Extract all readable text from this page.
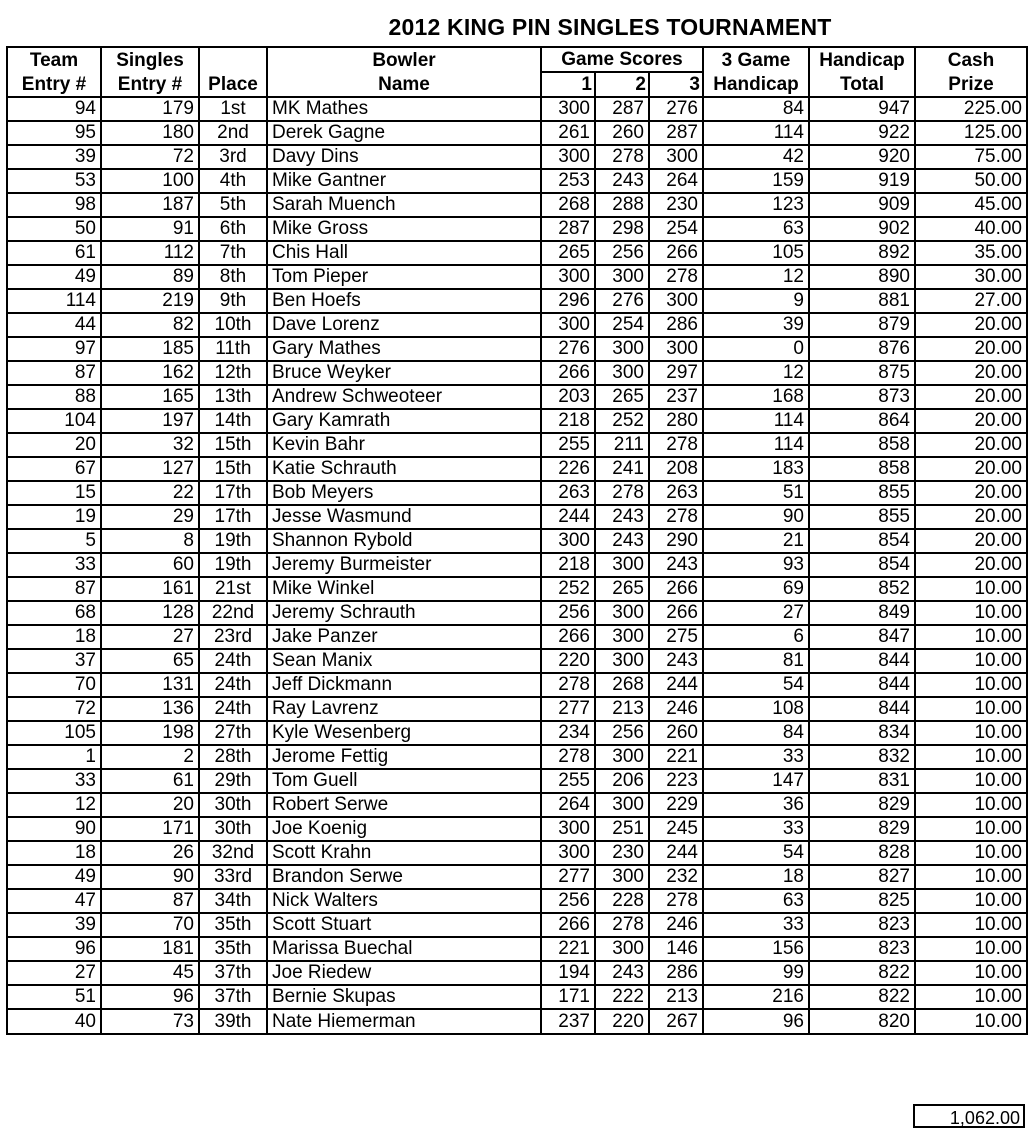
2012 KING PIN SINGLES TOURNAMENT
Team	Singles		Bowler	Game Scores			3 Game	Handicap	Cash
Entry #	Entry #	Place	Name	1	2	3	Handicap	Total	Prize
94	179	1st	MK Mathes	300	287	276	84	947	225.00
95	180	2nd	Derek Gagne	261	260	287	114	922	125.00
39	72	3rd	Davy Dins	300	278	300	42	920	75.00
53	100	4th	Mike Gantner	253	243	264	159	919	50.00
98	187	5th	Sarah Muench	268	288	230	123	909	45.00
50	91	6th	Mike Gross	287	298	254	63	902	40.00
61	112	7th	Chis Hall	265	256	266	105	892	35.00
49	89	8th	Tom Pieper	300	300	278	12	890	30.00
114	219	9th	Ben Hoefs	296	276	300	9	881	27.00
44	82	10th	Dave Lorenz	300	254	286	39	879	20.00
97	185	11th	Gary Mathes	276	300	300	0	876	20.00
87	162	12th	Bruce Weyker	266	300	297	12	875	20.00
88	165	13th	Andrew Schweoteer	203	265	237	168	873	20.00
104	197	14th	Gary Kamrath	218	252	280	114	864	20.00
20	32	15th	Kevin Bahr	255	211	278	114	858	20.00
67	127	15th	Katie Schrauth	226	241	208	183	858	20.00
15	22	17th	Bob Meyers	263	278	263	51	855	20.00
19	29	17th	Jesse Wasmund	244	243	278	90	855	20.00
5	8	19th	Shannon Rybold	300	243	290	21	854	20.00
33	60	19th	Jeremy Burmeister	218	300	243	93	854	20.00
87	161	21st	Mike Winkel	252	265	266	69	852	10.00
68	128	22nd	Jeremy Schrauth	256	300	266	27	849	10.00
18	27	23rd	Jake Panzer	266	300	275	6	847	10.00
37	65	24th	Sean Manix	220	300	243	81	844	10.00
70	131	24th	Jeff Dickmann	278	268	244	54	844	10.00
72	136	24th	Ray Lavrenz	277	213	246	108	844	10.00
105	198	27th	Kyle Wesenberg	234	256	260	84	834	10.00
1	2	28th	Jerome Fettig	278	300	221	33	832	10.00
33	61	29th	Tom Guell	255	206	223	147	831	10.00
12	20	30th	Robert Serwe	264	300	229	36	829	10.00
90	171	30th	Joe Koenig	300	251	245	33	829	10.00
18	26	32nd	Scott Krahn	300	230	244	54	828	10.00
49	90	33rd	Brandon Serwe	277	300	232	18	827	10.00
47	87	34th	Nick Walters	256	228	278	63	825	10.00
39	70	35th	Scott Stuart	266	278	246	33	823	10.00
96	181	35th	Marissa Buechal	221	300	146	156	823	10.00
27	45	37th	Joe Riedew	194	243	286	99	822	10.00
51	96	37th	Bernie Skupas	171	222	213	216	822	10.00
40	73	39th	Nate Hiemerman	237	220	267	96	820	10.00
1,062.00
